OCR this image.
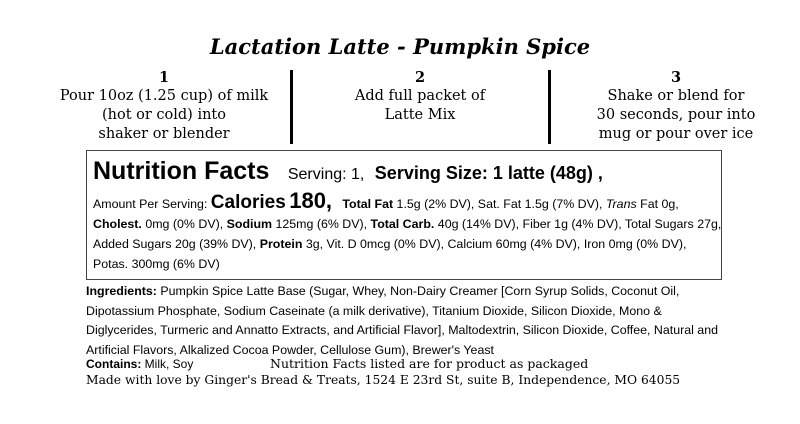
Lactation Latte - Pumpkin Spice
1
Pour 10oz (1.25 cup) of milk
(hot or cold) into
shaker or blender
2
Add full packet of
Latte Mix
3
Shake or blend for
30 seconds, pour into
mug or pour over ice
Nutrition Facts Serving: 1, Serving Size: 1 latte (48g) ,
Amount Per Serving: Calories 180, Total Fat 1.5g (2% DV), Sat. Fat 1.5g (7% DV), Trans Fat 0g,
Cholest. 0mg (0% DV), Sodium 125mg (6% DV), Total Carb. 40g (14% DV), Fiber 1g (4% DV), Total Sugars 27g,
Added Sugars 20g (39% DV), Protein 3g, Vit. D 0mcg (0% DV), Calcium 60mg (4% DV), Iron 0mg (0% DV),
Potas. 300mg (6% DV)
Ingredients: Pumpkin Spice Latte Base (Sugar, Whey, Non-Dairy Creamer [Corn Syrup Solids, Coconut Oil,
Dipotassium Phosphate, Sodium Caseinate (a milk derivative), Titanium Dioxide, Silicon Dioxide, Mono &
Diglycerides, Turmeric and Annatto Extracts, and Artificial Flavor], Maltodextrin, Silicon Dioxide, Coffee, Natural and
Artificial Flavors, Alkalized Cocoa Powder, Cellulose Gum), Brewer's Yeast
Contains: Milk, Soy	Nutrition Facts listed are for product as packaged
Made with love by Ginger's Bread & Treats, 1524 E 23rd St, suite B, Independence, MO 64055
